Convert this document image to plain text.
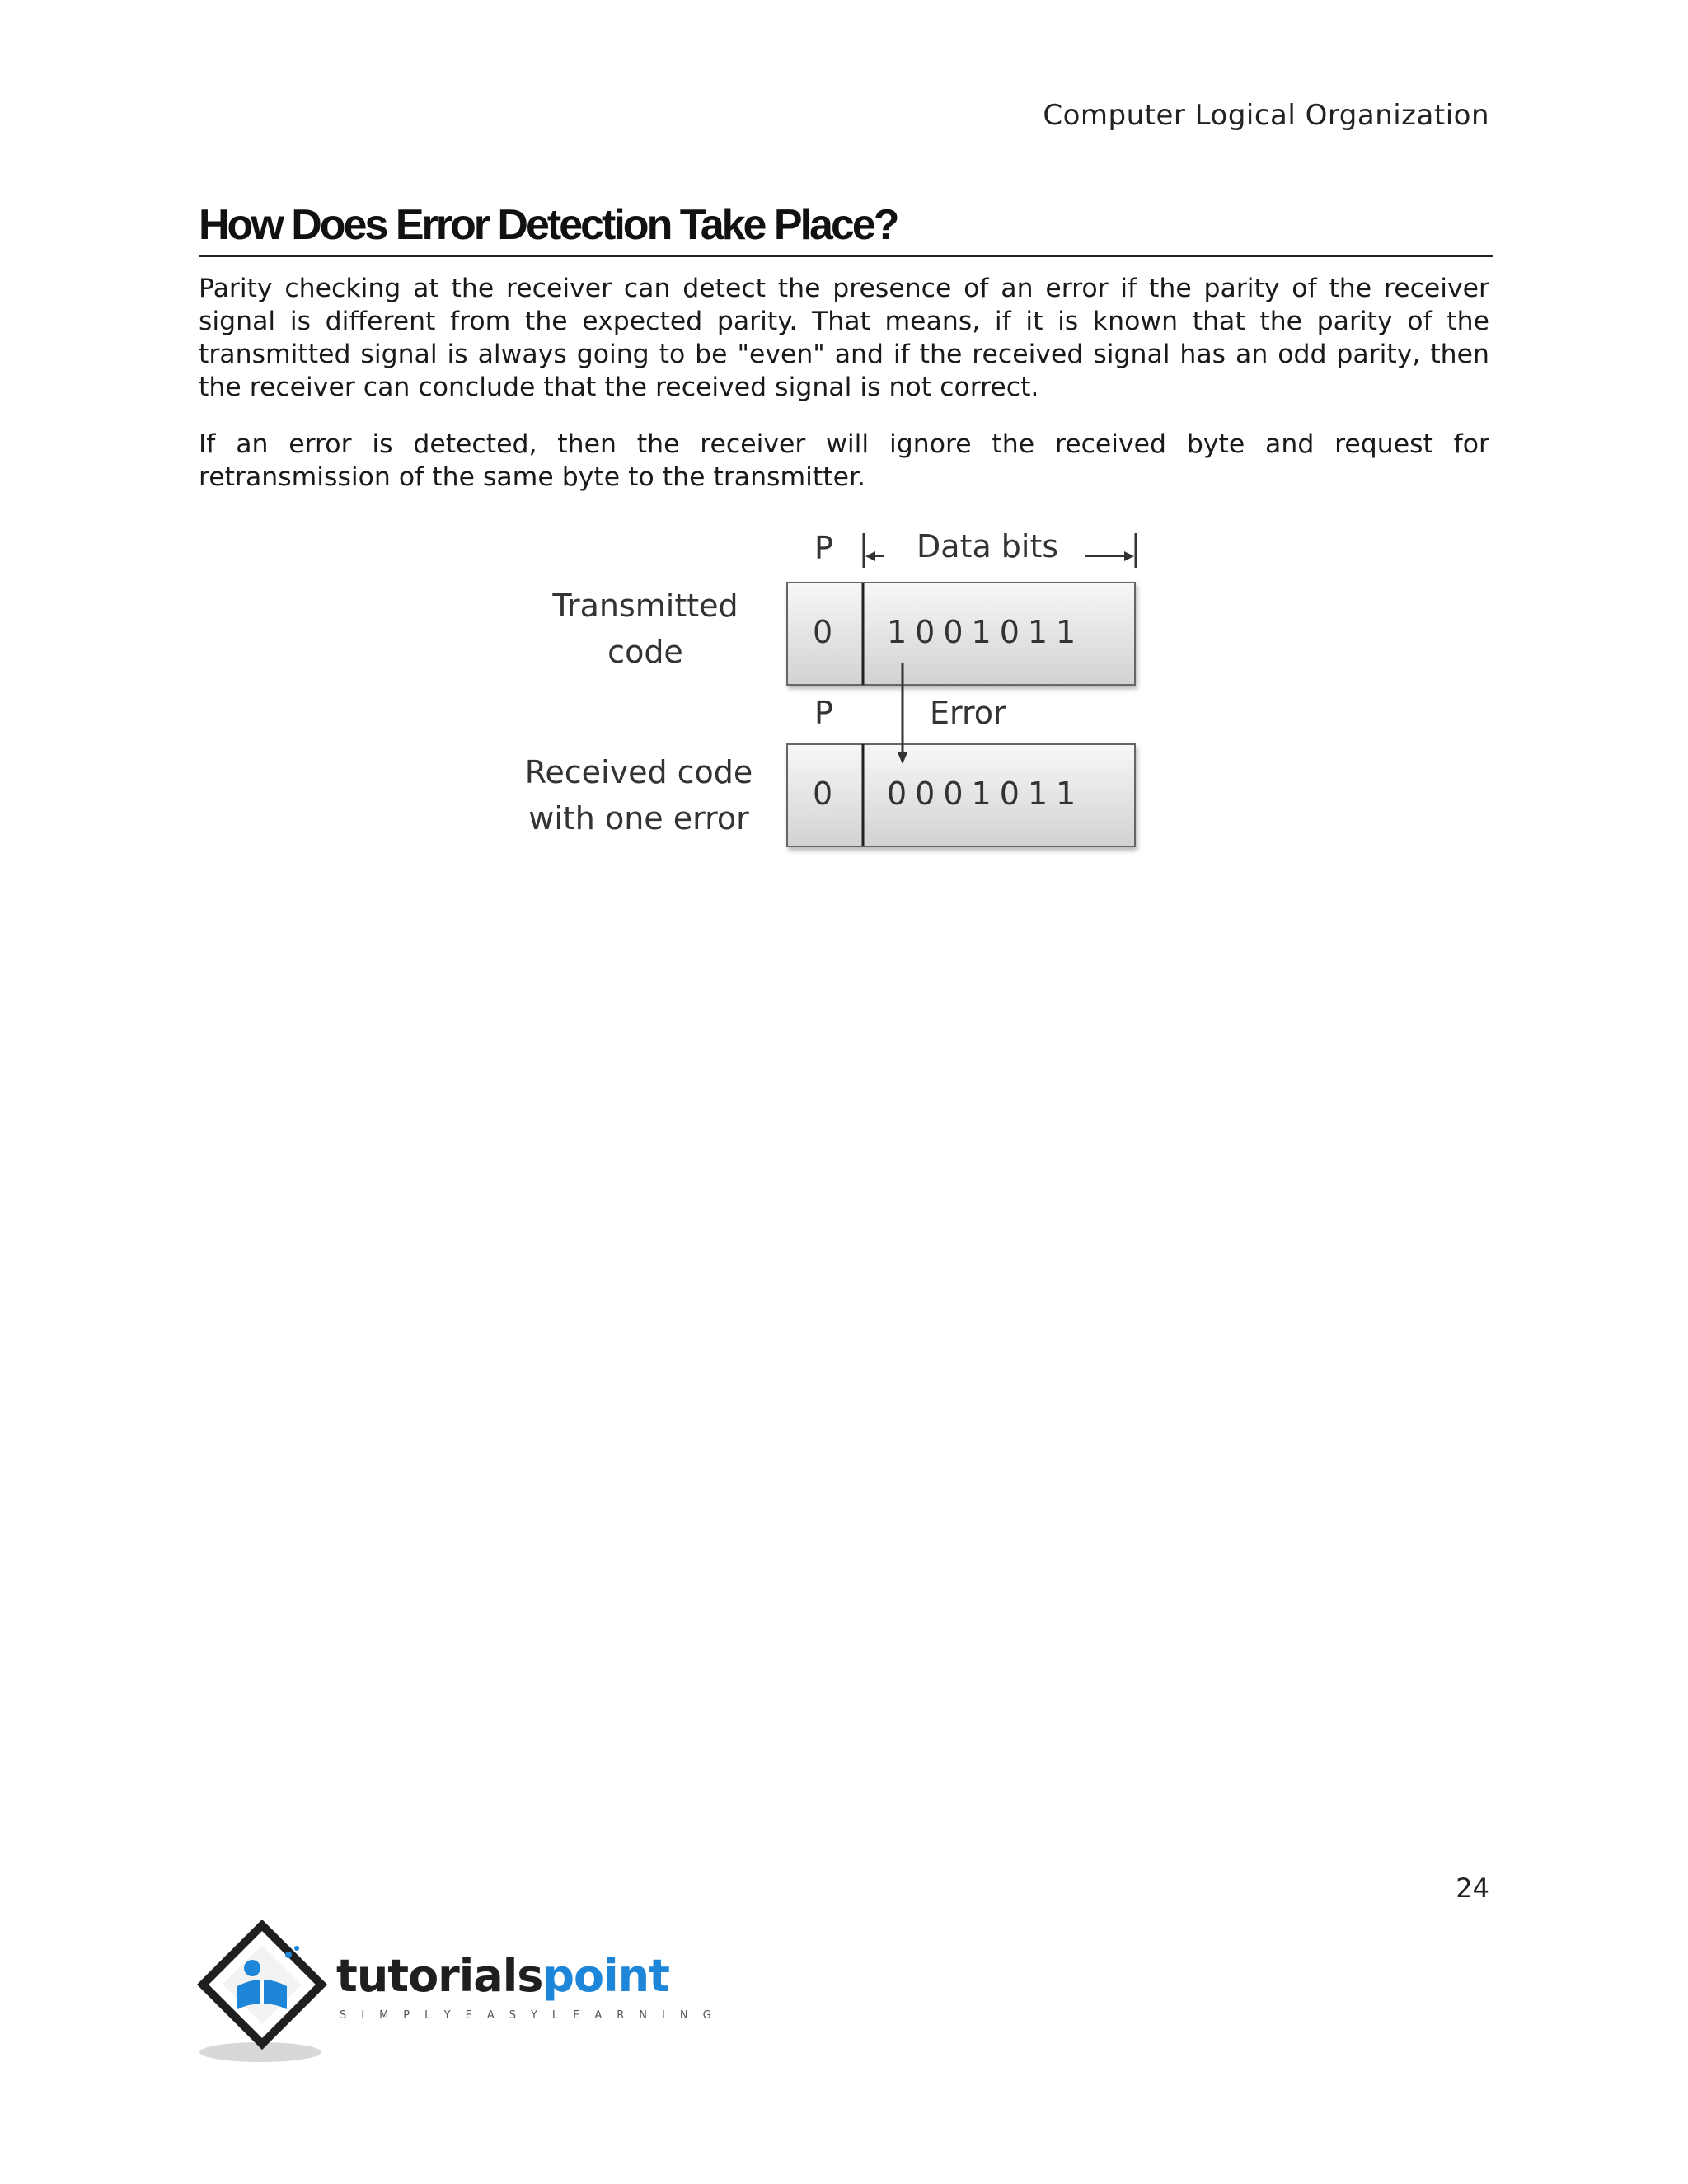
Computer Logical Organization
How Does Error Detection Take Place?

Parity checking at the receiver can detect the presence of an error if the parity of the receiver signal is different from the expected parity. That means, if it is known that the parity of the transmitted signal is always going to be "even" and if the received signal has an odd parity, then the receiver can conclude that the received signal is not correct.

If an error is detected, then the receiver will ignore the received byte and request for retransmission of the same byte to the transmitter.

P	Data bits
Transmitted
code
0 1001011
P	Error
Received code
with one error
0 0001011
24
tutorialspoint
SIMPLYEASYLEARNING
